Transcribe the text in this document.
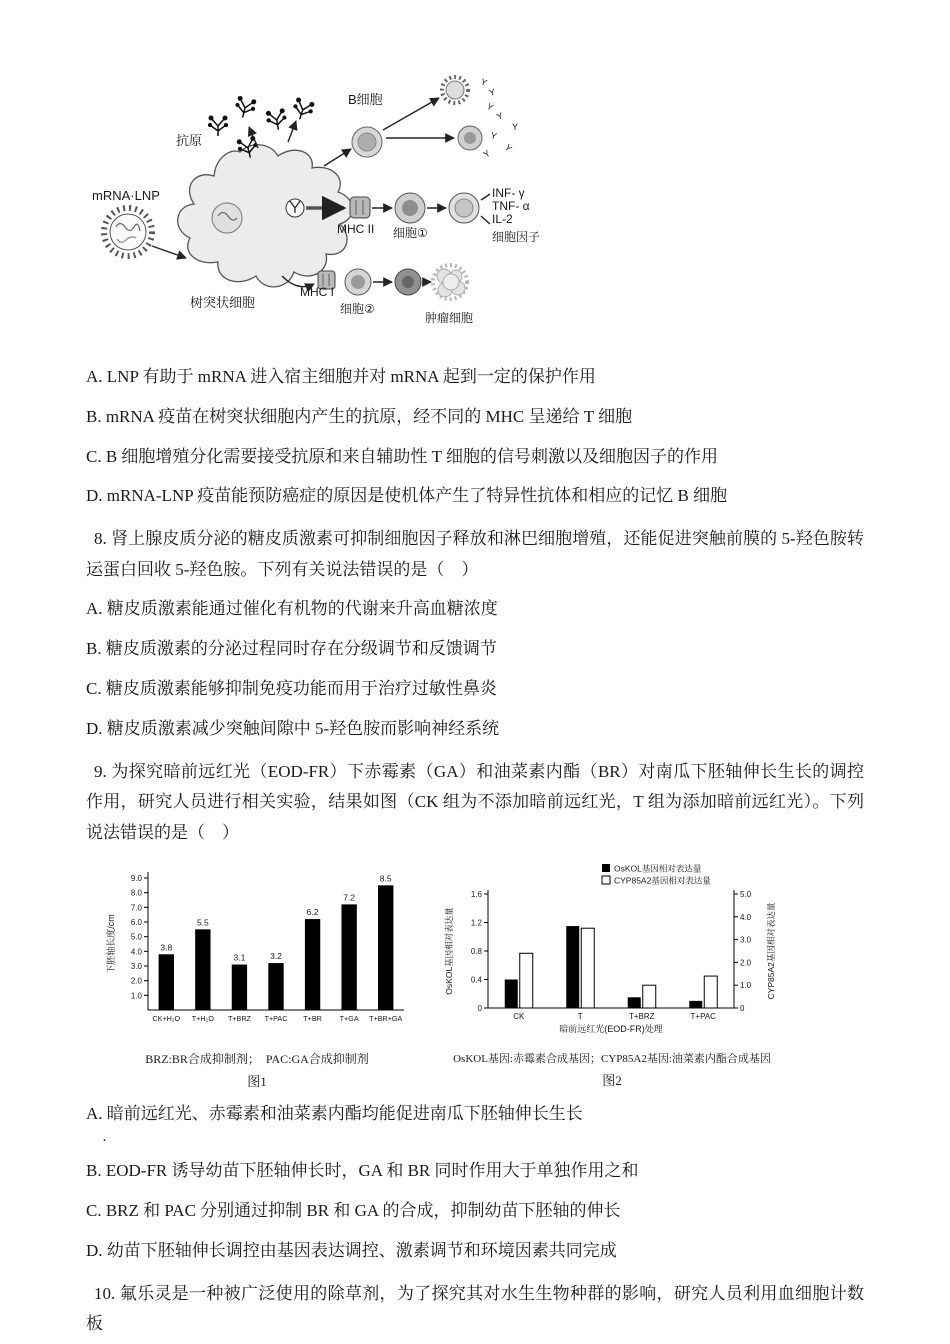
mRNA·LNP
树突状细胞
抗原
B细胞	Y
Y
Y
Y
Y
Y
Y
Y
MHC II 细胞①
INF- γ
TNF- α
IL-2
细胞因子
MHC I
细胞②
肿瘤细胞

A. LNP 有助于 mRNA 进入宿主细胞并对 mRNA 起到一定的保护作用

B. mRNA 疫苗在树突状细胞内产生的抗原，经不同的 MHC 呈递给 T 细胞

C. B 细胞增殖分化需要接受抗原和来自辅助性 T 细胞的信号刺激以及细胞因子的作用

D. mRNA-LNP 疫苗能预防癌症的原因是使机体产生了特异性抗体和相应的记忆 B 细胞

8. 肾上腺皮质分泌的糖皮质激素可抑制细胞因子释放和淋巴细胞增殖，还能促进突触前膜的 5-羟色胺转运蛋白回收 5-羟色胺。下列有关说法错误的是（　）

A. 糖皮质激素能通过催化有机物的代谢来升高血糖浓度

B. 糖皮质激素的分泌过程同时存在分级调节和反馈调节

C. 糖皮质激素能够抑制免疫功能而用于治疗过敏性鼻炎

D. 糖皮质激素减少突触间隙中 5-羟色胺而影响神经系统

9. 为探究暗前远红光（EOD-FR）下赤霉素（GA）和油菜素内酯（BR）对南瓜下胚轴伸长生长的调控作用，研究人员进行相关实验，结果如图（CK 组为不添加暗前远红光，T 组为添加暗前远红光）。下列说法错误的是（　）

1.0
2.0
3.0
4.0
5.0
6.0
7.0
8.0
9.0
3.8
CK+H₂O
5.5
T+H₂O
3.1
T+BRZ
3.2
T+PAC
6.2
T+BR
7.2
T+GA
8.5
T+BR+GA
下胚轴长度/cm
BRZ:BR合成抑制剂；　PAC:GA合成抑制剂
图1
0
0.4
0.8
1.2
1.6
0
1.0
2.0
3.0
4.0
5.0
CK	T	T+BRZ	T+PAC
暗前远红光(EOD-FR)处理
OsKOL基因相对表达量
CYP85A2基因相对表达量
OsKOL基因相对表达量	CYP85A2基因相对表达量
OsKOL基因:赤霉素合成基因；CYP85A2基因:油菜素内酯合成基因
图2

A. 暗前远红光、赤霉素和油菜素内酯均能促进南瓜下胚轴伸长生长

·

B. EOD-FR 诱导幼苗下胚轴伸长时，GA 和 BR 同时作用大于单独作用之和

C. BRZ 和 PAC 分别通过抑制 BR 和 GA 的合成，抑制幼苗下胚轴的伸长

D. 幼苗下胚轴伸长调控由基因表达调控、激素调节和环境因素共同完成

10. 氟乐灵是一种被广泛使用的除草剂，为了探究其对水生生物种群的影响，研究人员利用血细胞计数板
